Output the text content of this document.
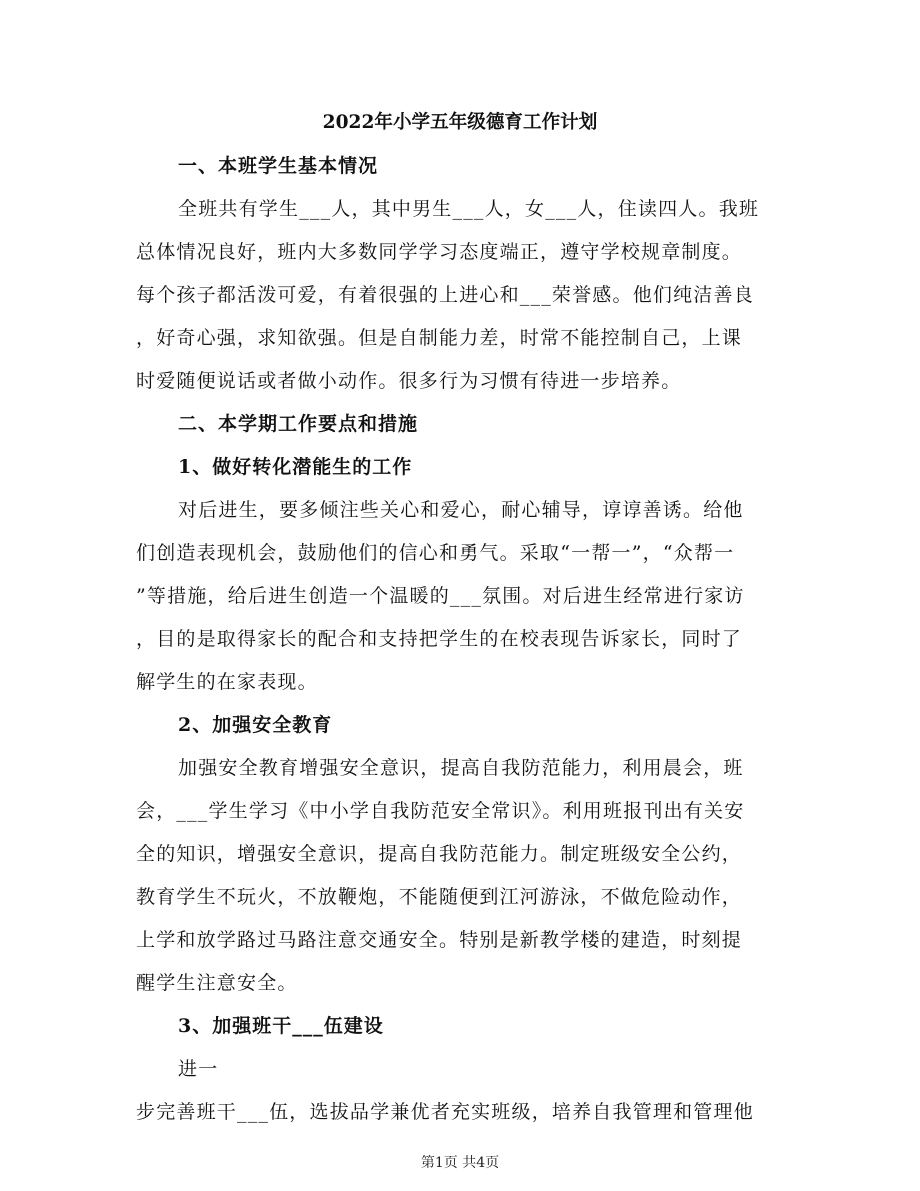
2022年小学五年级德育工作计划
一、本班学生基本情况
全班共有学生___人，其中男生___人，女___人，住读四人。我班
总体情况良好，班内大多数同学学习态度端正，遵守学校规章制度。
每个孩子都活泼可爱，有着很强的上进心和___荣誉感。他们纯洁善良
，好奇心强，求知欲强。但是自制能力差，时常不能控制自己，上课
时爱随便说话或者做小动作。很多行为习惯有待进一步培养。
二、本学期工作要点和措施
1、做好转化潜能生的工作
对后进生，要多倾注些关心和爱心，耐心辅导，谆谆善诱。给他
们创造表现机会，鼓励他们的信心和勇气。采取“一帮一”，“众帮一
”等措施，给后进生创造一个温暖的___氛围。对后进生经常进行家访
，目的是取得家长的配合和支持把学生的在校表现告诉家长，同时了
解学生的在家表现。
2、加强安全教育
加强安全教育增强安全意识，提高自我防范能力，利用晨会，班
会，___学生学习《中小学自我防范安全常识》。利用班报刊出有关安
全的知识，增强安全意识，提高自我防范能力。制定班级安全公约，
教育学生不玩火，不放鞭炮，不能随便到江河游泳，不做危险动作，
上学和放学路过马路注意交通安全。特别是新教学楼的建造，时刻提
醒学生注意安全。
3、加强班干___伍建设
进一
步完善班干___伍，选拔品学兼优者充实班级，培养自我管理和管理他
第1页 共4页
